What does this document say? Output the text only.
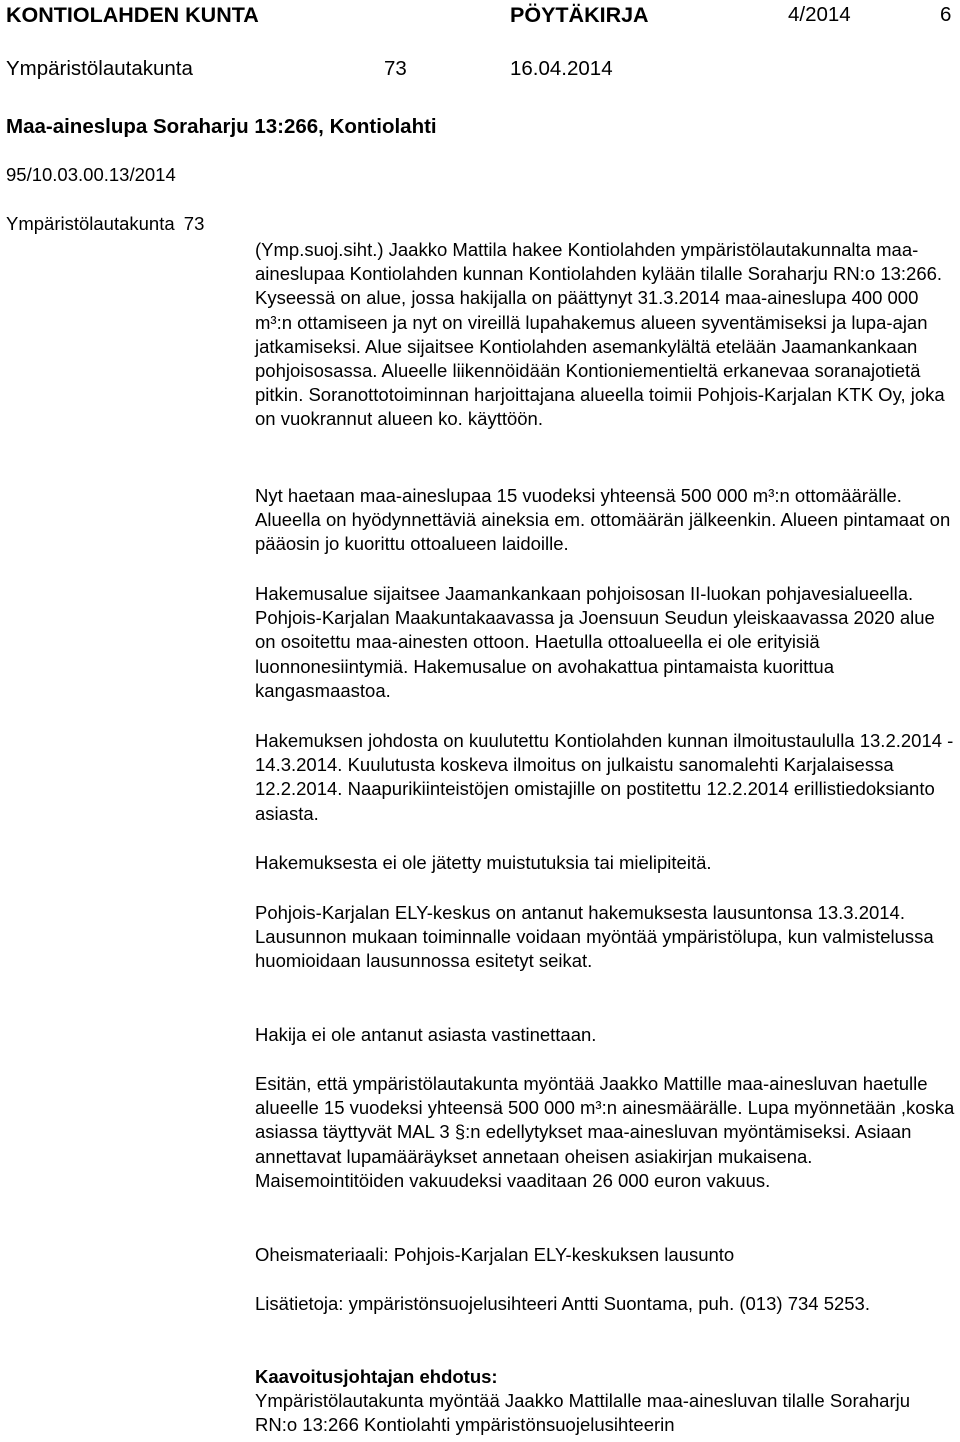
KONTIOLAHDEN KUNTA	PÖYTÄKIRJA	4/2014	6
Ympäristölautakunta	73	16.04.2014
Maa-aineslupa Soraharju 13:266, Kontiolahti
95/10.03.00.13/2014
Ympäristölautakunta 73

(Ymp.suoj.siht.) Jaakko Mattila hakee Kontiolahden ympäristölautakunnalta maa-aineslupaa Kontiolahden kunnan Kontiolahden kylään tilalle Soraharju RN:o 13:266. Kyseessä on alue, jossa hakijalla on päättynyt 31.3.2014 maa-aineslupa 400 000 m³:n ottamiseen ja nyt on vireillä lupahakemus alueen syventämiseksi ja lupa-ajan jatkamiseksi. Alue sijaitsee Kontiolahden asemankylältä etelään Jaamankankaan pohjoisosassa. Alueelle liikennöidään Kontioniementieltä erkanevaa soranajotietä pitkin. Soranottotoiminnan harjoittajana alueella toimii Pohjois-Karjalan KTK Oy, joka on vuokrannut alueen ko. käyttöön.

Nyt haetaan maa-aineslupaa 15 vuodeksi yhteensä 500 000 m³:n ottomäärälle. Alueella on hyödynnettäviä aineksia em. ottomäärän jälkeenkin. Alueen pintamaat on pääosin jo kuorittu ottoalueen laidoille.

Hakemusalue sijaitsee Jaamankankaan pohjoisosan II-luokan pohjavesialueella. Pohjois-Karjalan Maakuntakaavassa ja Joensuun Seudun yleiskaavassa 2020 alue on osoitettu maa-ainesten ottoon. Haetulla ottoalueella ei ole erityisiä luonnonesiintymiä. Hakemusalue on avohakattua pintamaista kuorittua kangasmaastoa.

Hakemuksen johdosta on kuulutettu Kontiolahden kunnan ilmoitustaululla 13.2.2014 - 14.3.2014. Kuulutusta koskeva ilmoitus on julkaistu sanomalehti Karjalaisessa 12.2.2014. Naapurikiinteistöjen omistajille on postitettu 12.2.2014 erillistiedoksianto asiasta.

Hakemuksesta ei ole jätetty muistutuksia tai mielipiteitä.

Pohjois-Karjalan ELY-keskus on antanut hakemuksesta lausuntonsa 13.3.2014. Lausunnon mukaan toiminnalle voidaan myöntää ympäristölupa, kun valmistelussa huomioidaan lausunnossa esitetyt seikat.

Hakija ei ole antanut asiasta vastinettaan.

Esitän, että ympäristölautakunta myöntää Jaakko Mattille maa-ainesluvan haetulle alueelle 15 vuodeksi yhteensä 500 000 m³:n ainesmäärälle. Lupa myönnetään ,koska asiassa täyttyvät MAL 3 §:n edellytykset maa-ainesluvan myöntämiseksi. Asiaan annettavat lupamääräykset annetaan oheisen asiakirjan mukaisena. Maisemointitöiden vakuudeksi vaaditaan 26 000 euron vakuus.

Oheismateriaali: Pohjois-Karjalan ELY-keskuksen lausunto

Lisätietoja: ympäristönsuojelusihteeri Antti Suontama, puh. (013) 734 5253.

Kaavoitusjohtajan ehdotus:

Ympäristölautakunta myöntää Jaakko Mattilalle maa-ainesluvan tilalle Soraharju RN:o 13:266 Kontiolahti ympäristönsuojelusihteerin
